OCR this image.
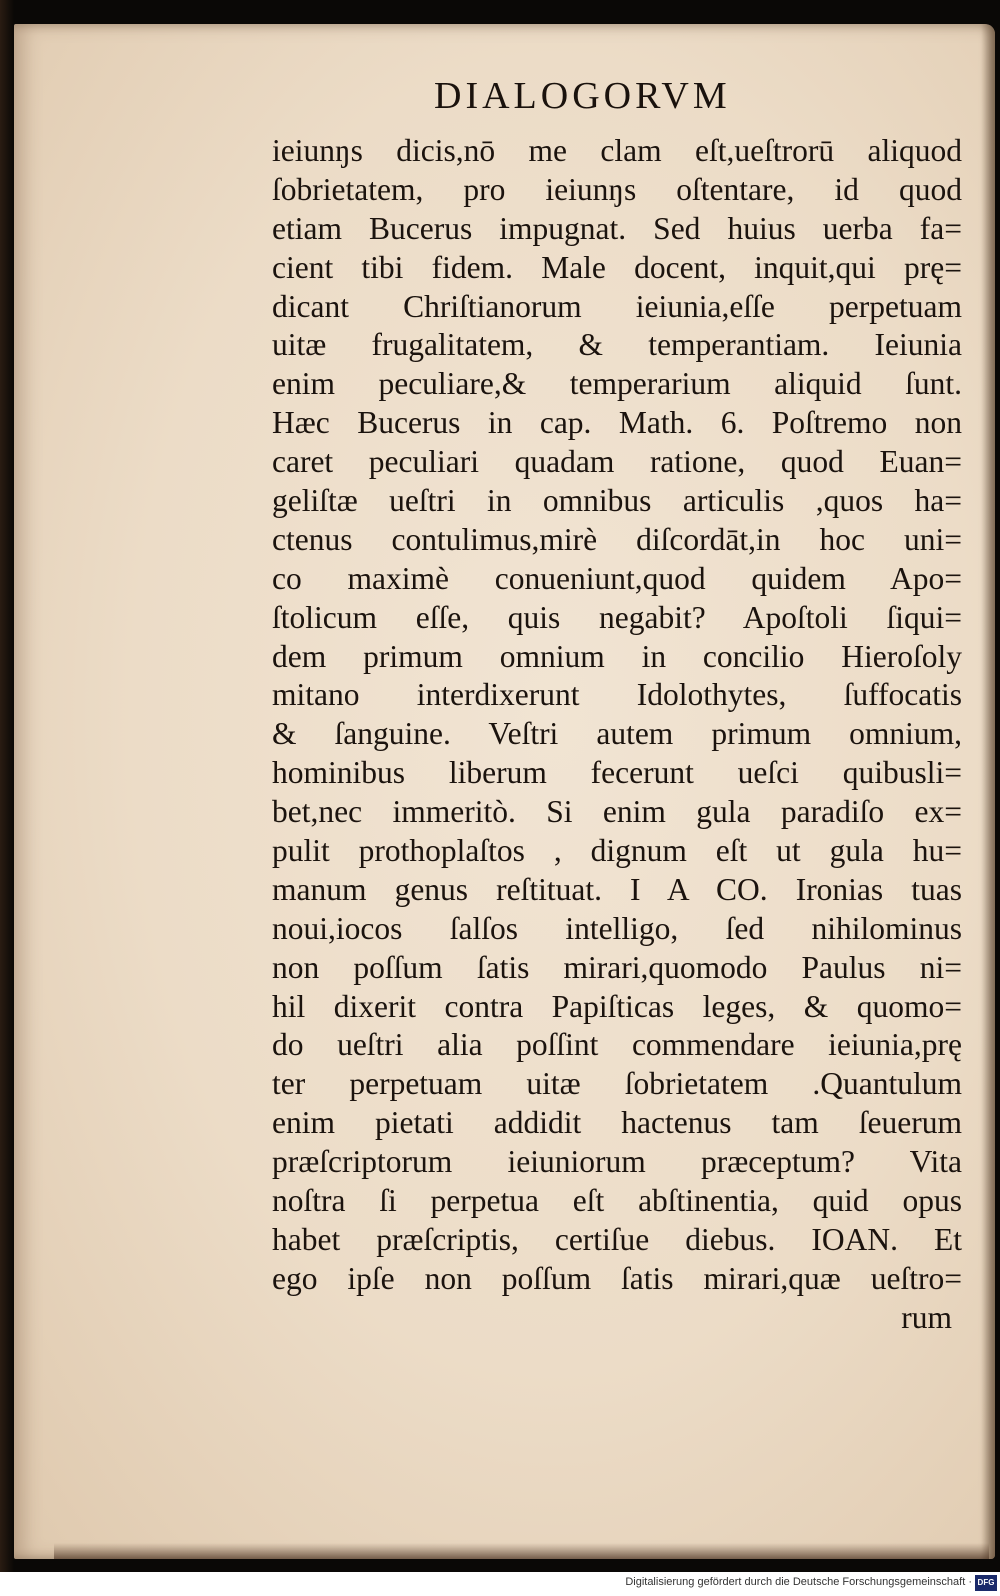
DIALOGORVM
ieiunŋs dicis,nō me clam eſt,ueſtrorū aliquod
ſobrietatem, pro ieiunŋs oſtentare, id quod
etiam Bucerus impugnat. Sed huius uerba fa=
cient tibi fidem. Male docent, inquit,qui prę=
dicant Chriſtianorum ieiunia,eſſe perpetuam
uitæ frugalitatem, & temperantiam. Ieiunia
enim peculiare,& temperarium aliquid ſunt.
Hæc Bucerus in cap. Math. 6. Poſtremo non
caret peculiari quadam ratione, quod Euan=
geliſtæ ueſtri in omnibus articulis ,quos ha=
ctenus contulimus,mirè diſcordāt,in hoc uni=
co maximè conueniunt,quod quidem Apo=
ſtolicum eſſe, quis negabit? Apoſtoli ſiqui=
dem primum omnium in concilio Hieroſoly
mitano interdixerunt Idolothytes, ſuffocatis
& ſanguine. Veſtri autem primum omnium,
hominibus liberum fecerunt ueſci quibusli=
bet,nec immeritò. Si enim gula paradiſo ex=
pulit prothoplaſtos , dignum eſt ut gula hu=
manum genus reſtituat. I A CO. Ironias tuas
noui,iocos ſalſos intelligo, ſed nihilominus
non poſſum ſatis mirari,quomodo Paulus ni=
hil dixerit contra Papiſticas leges, & quomo=
do ueſtri alia poſſint commendare ieiunia,prę
ter perpetuam uitæ ſobrietatem .Quantulum
enim pietati addidit hactenus tam ſeuerum
præſcriptorum ieiuniorum præceptum? Vita
noſtra ſi perpetua eſt abſtinentia, quid opus
habet præſcriptis, certiſue diebus. IOAN. Et
ego ipſe non poſſum ſatis mirari,quæ ueſtro=
rum
Digitalisierung gefördert durch die Deutsche Forschungsgemeinschaft · DFG
